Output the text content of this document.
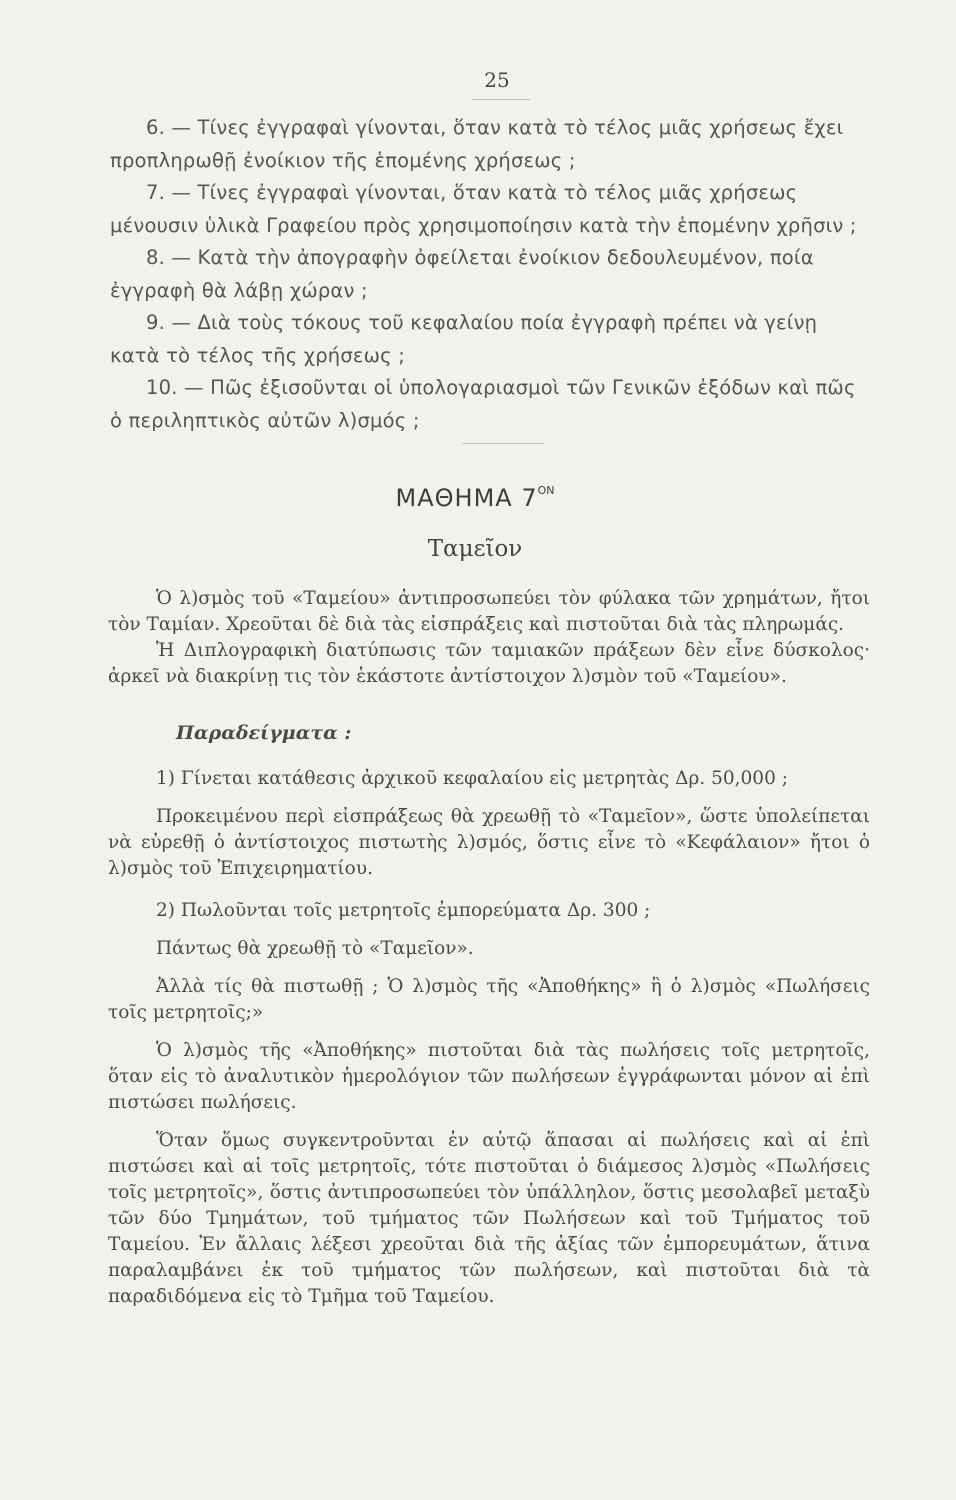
25

6. — Τίνες ἐγγραφαὶ γίνονται, ὅταν κατὰ τὸ τέλος μιᾶς χρήσεως ἔχει προπληρωθῇ ἐνοίκιον τῆς ἑπομένης χρήσεως ;

7. — Τίνες ἐγγραφαὶ γίνονται, ὅταν κατὰ τὸ τέλος μιᾶς χρήσεως μένουσιν ὑλικὰ Γραφείου πρὸς χρησιμοποίησιν κατὰ τὴν ἑπομένην χρῆσιν ;

8. — Κατὰ τὴν ἀπογραφὴν ὀφείλεται ἐνοίκιον δεδουλευμένον, ποία ἐγγραφὴ θὰ λάβῃ χώραν ;

9. — Διὰ τοὺς τόκους τοῦ κεφαλαίου ποία ἐγγραφὴ πρέπει νὰ γείνῃ κατὰ τὸ τέλος τῆς χρήσεως ;

10. — Πῶς ἐξισοῦνται οἱ ὑπολογαριασμοὶ τῶν Γενικῶν ἐξόδων καὶ πῶς ὁ περιληπτικὸς αὐτῶν λ)σμός ;

ΜΑΘΗΜΑ $7^{ON}$
Ταμεῖον

Ὁ λ)σμὸς τοῦ «Ταμείου» ἀντιπροσωπεύει τὸν φύλακα τῶν χρημάτων, ἤτοι τὸν Ταμίαν. Χρεοῦται δὲ διὰ τὰς εἰσπράξεις καὶ πιστοῦται διὰ τὰς πληρωμάς.

Ἡ Διπλογραφικὴ διατύπωσις τῶν ταμιακῶν πράξεων δὲν εἶνε δύσκολος· ἀρκεῖ νὰ διακρίνῃ τις τὸν ἑκάστοτε ἀντίστοιχον λ)σμὸν τοῦ «Ταμείου».

Παραδείγματα :

1) Γίνεται κατάθεσις ἀρχικοῦ κεφαλαίου εἰς μετρητὰς Δρ. 50,000 ;

Προκειμένου περὶ εἰσπράξεως θὰ χρεωθῇ τὸ «Ταμεῖον», ὥστε ὑπολείπεται νὰ εὑρεθῇ ὁ ἀντίστοιχος πιστωτὴς λ)σμός, ὅστις εἶνε τὸ «Κεφάλαιον» ἤτοι ὁ λ)σμὸς τοῦ Ἐπιχειρηματίου.

2) Πωλοῦνται τοῖς μετρητοῖς ἐμπορεύματα Δρ. 300 ;

Πάντως θὰ χρεωθῇ τὸ «Ταμεῖον».

Ἀλλὰ τίς θὰ πιστωθῇ ; Ὁ λ)σμὸς τῆς «Ἀποθήκης» ἢ ὁ λ)σμὸς «Πωλήσεις τοῖς μετρητοῖς;»

Ὁ λ)σμὸς τῆς «Ἀποθήκης» πιστοῦται διὰ τὰς πωλήσεις τοῖς μετρητοῖς, ὅταν εἰς τὸ ἀναλυτικὸν ἡμερολόγιον τῶν πωλήσεων ἐγγράφωνται μόνον αἱ ἐπὶ πιστώσει πωλήσεις.

Ὅταν ὅμως συγκεντροῦνται ἐν αὐτῷ ἅπασαι αἱ πωλήσεις καὶ αἱ ἐπὶ πιστώσει καὶ αἱ τοῖς μετρητοῖς, τότε πιστοῦται ὁ διάμεσος λ)σμὸς «Πωλήσεις τοῖς μετρητοῖς», ὅστις ἀντιπροσωπεύει τὸν ὑπάλληλον, ὅστις μεσολαβεῖ μεταξὺ τῶν δύο Τμημάτων, τοῦ τμήματος τῶν Πωλήσεων καὶ τοῦ Τμήματος τοῦ Ταμείου. Ἐν ἄλλαις λέξεσι χρεοῦται διὰ τῆς ἀξίας τῶν ἐμπορευμάτων, ἅτινα παραλαμβάνει ἐκ τοῦ τμήματος τῶν πωλήσεων, καὶ πιστοῦται διὰ τὰ παραδιδόμενα εἰς τὸ Τμῆμα τοῦ Ταμείου.
